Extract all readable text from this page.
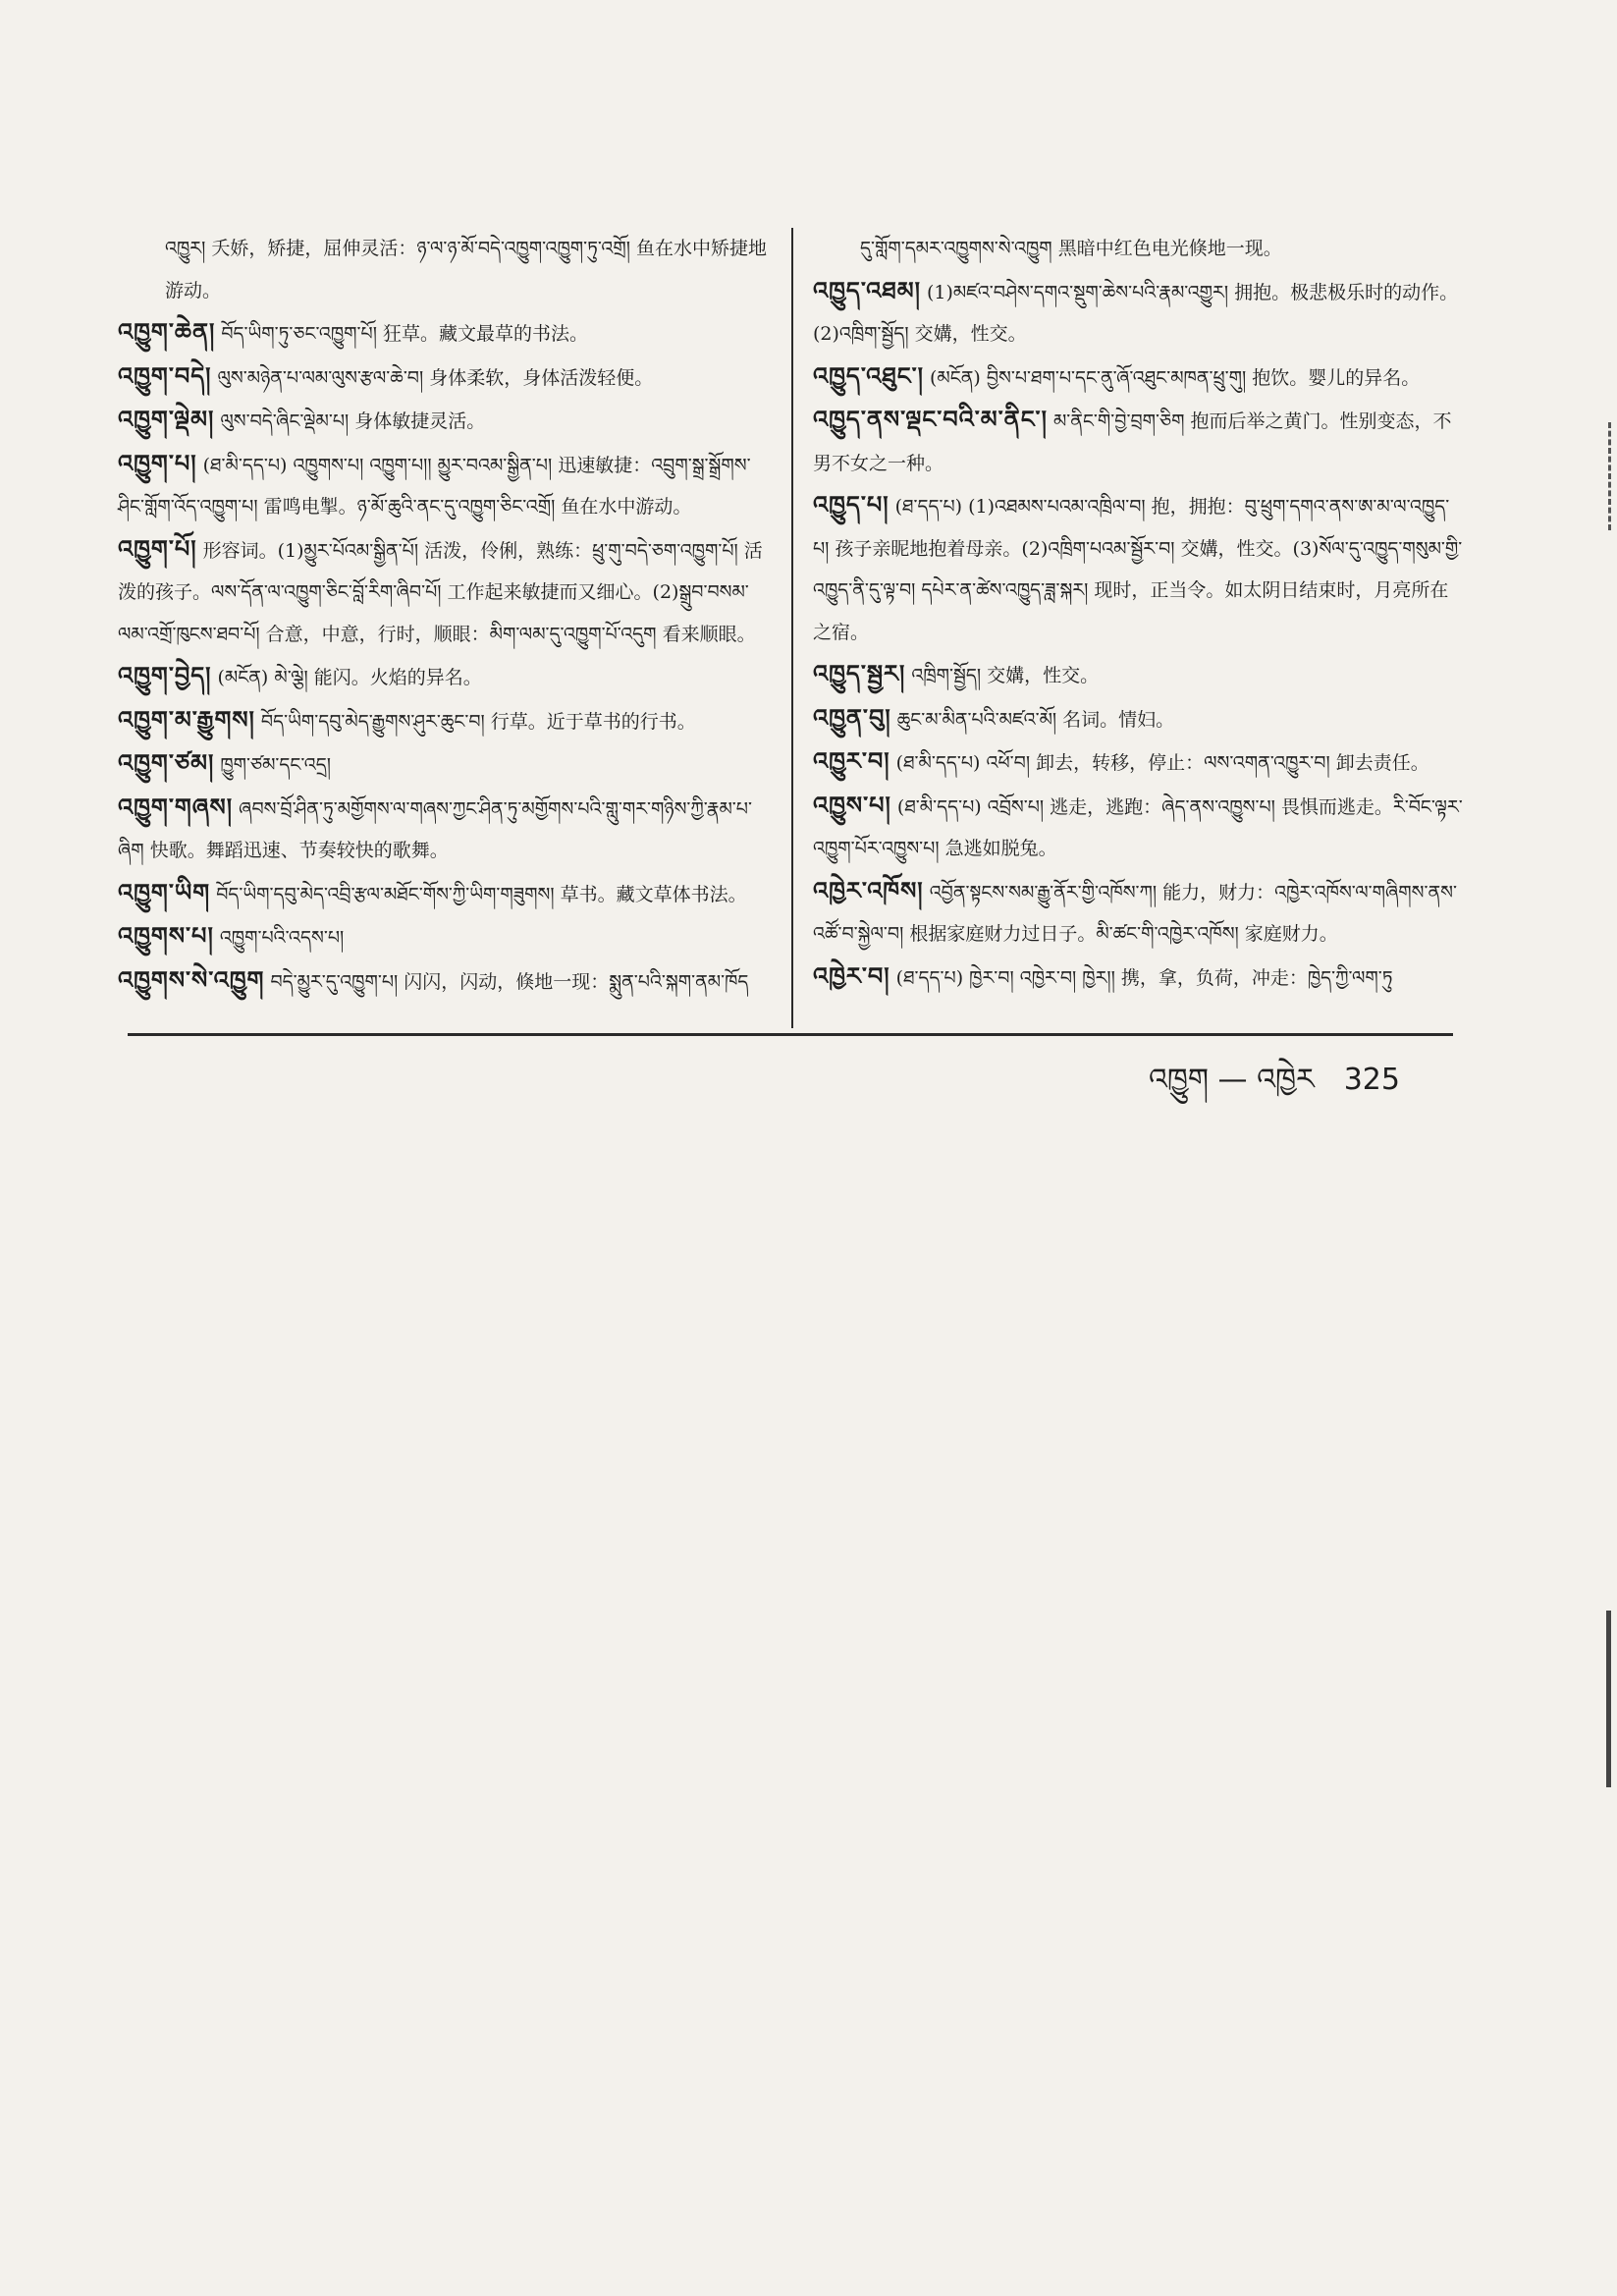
འཁྱུར། 夭娇，矫捷，屈伸灵活：ཉ་ལ་ཉ་མོ་བདེ་འཁྱུག་འཁྱུག་ཏུ་འགྲོ། 鱼在水中矫捷地游动。
འཁྱུག་ཆེན། བོད་ཡིག་ཏུ་ཅང་འཁྱུག་པོ། 狂草。藏文最草的书法。
འཁྱུག་བདེ། ལུས་མཉེན་པ་ལམ་ལུས་རྩལ་ཆེ་བ། 身体柔软，身体活泼轻便。
འཁྱུག་ལྡེམ། ལུས་བདེ་ཞིང་ལྡེམ་པ། 身体敏捷灵活。
འཁྱུག་པ། (ཐ་མི་དད་པ) འཁྱུགས་པ། འཁྱུག་པ།། མྱུར་བའམ་སྒྱིན་པ། 迅速敏捷：འབྲུག་སྒྲ་སྒྲོགས་ཤིང་གློག་འོད་འཁྱུག་པ། 雷鸣电掣。ཉ་མོ་ཆུའི་ནང་དུ་འཁྱུག་ཅིང་འགྲོ། 鱼在水中游动。
འཁྱུག་པོ། 形容词。(1)མྱུར་པོའམ་སྒྱིན་པོ། 活泼，伶俐，熟练：ཕྲུ་གུ་བདེ་ཅག་འཁྱུག་པོ། 活泼的孩子。ལས་དོན་ལ་འཁྱུག་ཅིང་བློ་རིག་ཞིབ་པོ། 工作起来敏捷而又细心。(2)སྒྲུབ་བསམ་ལམ་འགྲོ་ཁུངས་ཐབ་པོ། 合意，中意，行时，顺眼：མིག་ལམ་དུ་འཁྱུག་པོ་འདུག 看来顺眼。
འཁྱུག་བྱེད། (མངོན) མེ་ལྕེ། 能闪。火焰的异名。
འཁྱུག་མ་རྒྱུགས། བོད་ཡིག་དབུ་མེད་རྒྱུགས་ཤུར་ཆུང་བ། 行草。近于草书的行书。
འཁྱུག་ཙམ། ཁྱུག་ཙམ་དང་འདྲ།
འཁྱུག་གཞས། ཞབས་བྲོ་ཤིན་ཏུ་མགྱོགས་ལ་གཞས་ཀྱང་ཤིན་ཏུ་མགྱོགས་པའི་གླུ་གར་གཉིས་ཀྱི་རྣམ་པ་ཞིག 快歌。舞蹈迅速、节奏较快的歌舞。
འཁྱུག་ཡིག བོད་ཡིག་དབུ་མེད་འབྲི་རྩལ་མཐོང་གོས་ཀྱི་ཡིག་གཟུགས། 草书。藏文草体书法。
འཁྱུགས་པ། འཁྱུག་པའི་འདས་པ།
འཁྱུགས་སེ་འཁྱུག བདེ་མྱུར་དུ་འཁྱུག་པ། 闪闪，闪动，倏地一现：སྨུན་པའི་སྐག་ནམ་ཁོད
དུ་གློག་དམར་འཁྱུགས་སེ་འཁྱུག 黑暗中红色电光倏地一现。
འཁྱུད་འཐམ། (1)མཛའ་བཤེས་དགའ་སྡུག་ཆེས་པའི་རྣམ་འགྱུར། 拥抱。极悲极乐时的动作。(2)འཁྲིག་སྦྱོད། 交媾，性交。
འཁྱུད་འཐུང་། (མངོན) བྱིས་པ་ཐག་པ་དང་ནུ་ཞོ་འཐུང་མཁན་ཕྲུ་གུ། 抱饮。婴儿的异名。
འཁྱུད་ནས་ལྡང་བའི་མ་ནིང་། མ་ནིང་གི་བྱེ་བྲག་ཅིག 抱而后举之黄门。性别变态，不男不女之一种。
འཁྱུད་པ། (ཐ་དད་པ) (1)འཐམས་པའམ་འཁྲིལ་བ། 抱，拥抱：བུ་ཕྲུག་དགའ་ནས་ཨ་མ་ལ་འཁྱུད་པ། 孩子亲昵地抱着母亲。(2)འཁྲིག་པའམ་སྦྱོར་བ། 交媾，性交。(3)སོལ་དུ་འཁྱུད་གསུམ་གྱི་འཁྱུད་ནི་དུ་ལྟ་བ། དཔེར་ན་ཚེས་འཁྱུད་ཟླ་སྐར། 现时，正当令。如太阴日结束时，月亮所在之宿。
འཁྱུད་སྦྱར། འཁྲིག་སྦྱོད། 交媾，性交。
འཁྱུན་བུ། ཆུང་མ་མིན་པའི་མཛའ་མོ། 名词。情妇。
འཁྱུར་བ། (ཐ་མི་དད་པ) འཕོ་བ། 卸去，转移，停止：ལས་འགན་འཁྱུར་བ། 卸去责任。
འཁྱུས་པ། (ཐ་མི་དད་པ) འབྲོས་པ། 逃走，逃跑：ཞེད་ནས་འཁྱུས་པ། 畏惧而逃走。རི་བོང་ལྟར་འཁྱུག་པོར་འཁྱུས་པ། 急逃如脱兔。
འཁྱེར་འཁོས། འབྱོན་སྟངས་སམ་རྒྱུ་ནོར་གྱི་འཁོས་ཀ། 能力，财力：འཁྱེར་འཁོས་ལ་གཞིགས་ནས་འཚོ་བ་སྐྱེལ་བ། 根据家庭财力过日子。མི་ཚང་གི་འཁྱེར་འཁོས། 家庭财力。
འཁྱེར་བ། (ཐ་དད་པ) ཁྱེར་བ། འཁྱེར་བ། ཁྱེར།། 携，拿，负荷，冲走：ཁྱེད་ཀྱི་ལག་ཏུ
འཁྱུག — འཁྱེར 325
